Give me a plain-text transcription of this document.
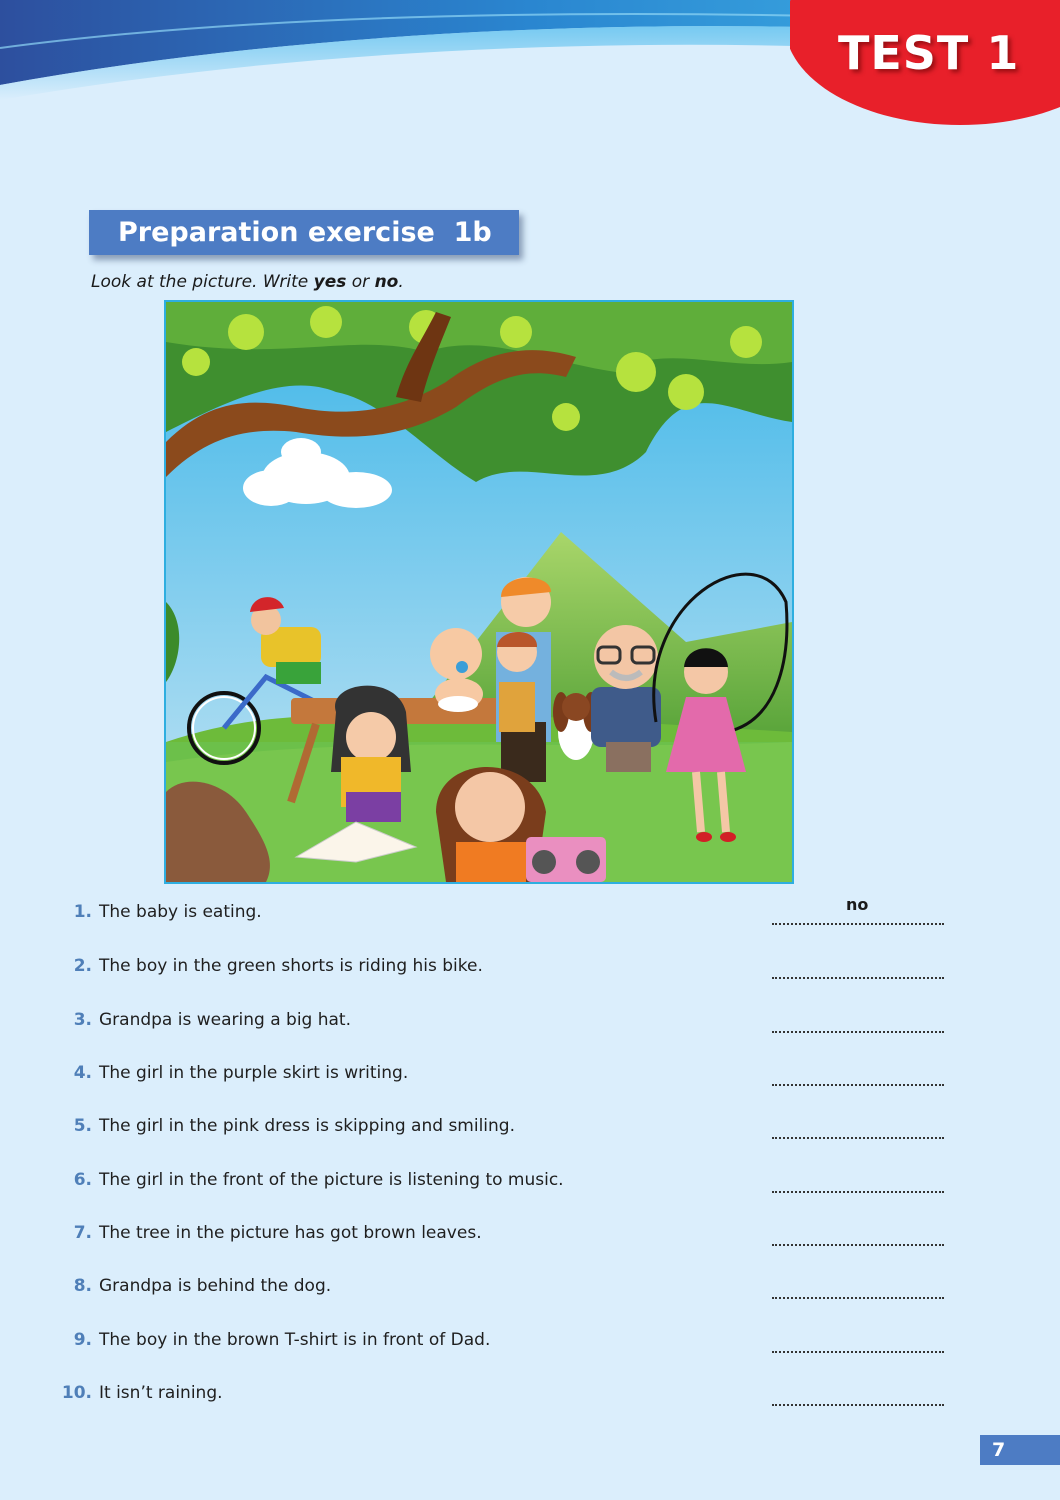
TEST 1
Preparation exercise  1b
Look at the picture. Write yes or no.
1. The baby is eating.	no
2. The boy in the green shorts is riding his bike.
3. Grandpa is wearing a big hat.
4. The girl in the purple skirt is writing.
5. The girl in the pink dress is skipping and smiling.
6. The girl in the front of the picture is listening to music.
7. The tree in the picture has got brown leaves.
8. Grandpa is behind the dog.
9. The boy in the brown T-shirt is in front of Dad.
10. It isn’t raining.
7
